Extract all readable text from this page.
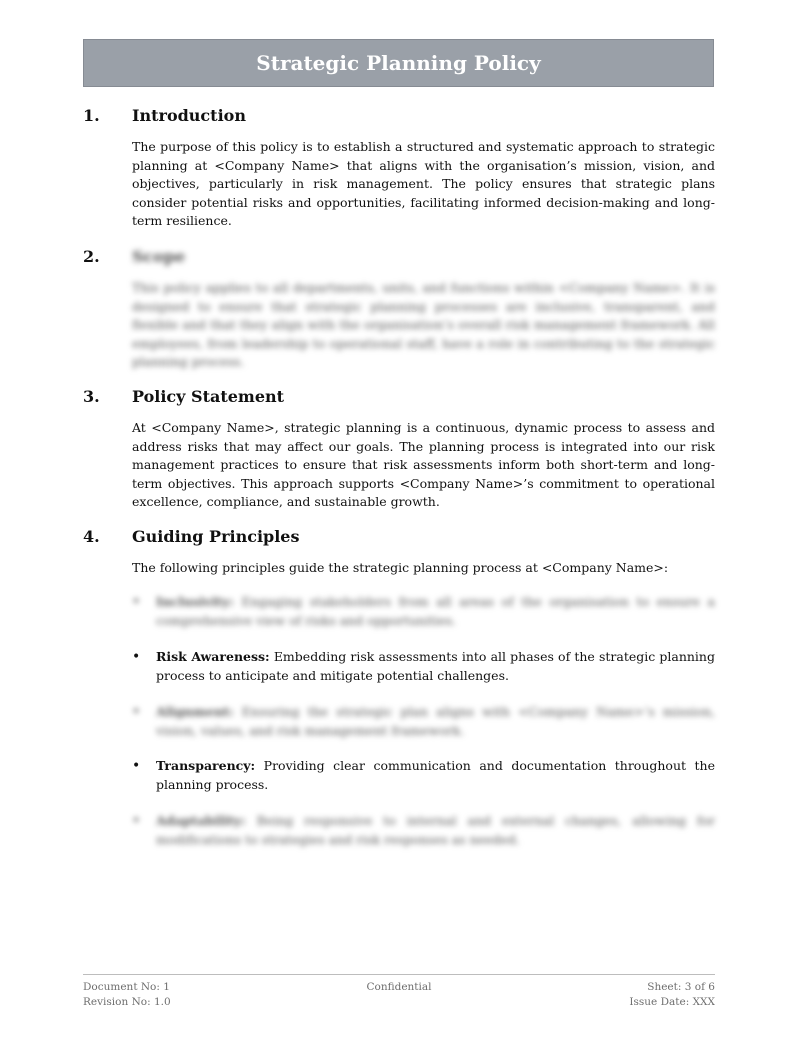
Strategic Planning Policy
1.	Introduction
The purpose of this policy is to establish a structured and systematic approach to strategic planning at <Company Name> that aligns with the organisation’s mission, vision, and objectives, particularly in risk management. The policy ensures that strategic plans consider potential risks and opportunities, facilitating informed decision-making and long-term resilience.
2.	Scope
This policy applies to all departments, units, and functions within <Company Name>. It is designed to ensure that strategic planning processes are inclusive, transparent, and flexible and that they align with the organisation’s overall risk management framework. All employees, from leadership to operational staff, have a role in contributing to the strategic planning process.
3.	Policy Statement
At <Company Name>, strategic planning is a continuous, dynamic process to assess and address risks that may affect our goals. The planning process is integrated into our risk management practices to ensure that risk assessments inform both short-term and long-term objectives. This approach supports <Company Name>’s commitment to operational excellence, compliance, and sustainable growth.
4.	Guiding Principles
The following principles guide the strategic planning process at <Company Name>:
•	Inclusivity: Engaging stakeholders from all areas of the organisation to ensure a comprehensive view of risks and opportunities.
•	Risk Awareness: Embedding risk assessments into all phases of the strategic planning process to anticipate and mitigate potential challenges.
•	Alignment: Ensuring the strategic plan aligns with <Company Name>’s mission, vision, values, and risk management framework.
•	Transparency: Providing clear communication and documentation throughout the planning process.
•	Adaptability: Being responsive to internal and external changes, allowing for modifications to strategies and risk responses as needed.
Document No: 1
Revision No: 1.0
Confidential	Sheet: 3 of 6
Issue Date: XXX
